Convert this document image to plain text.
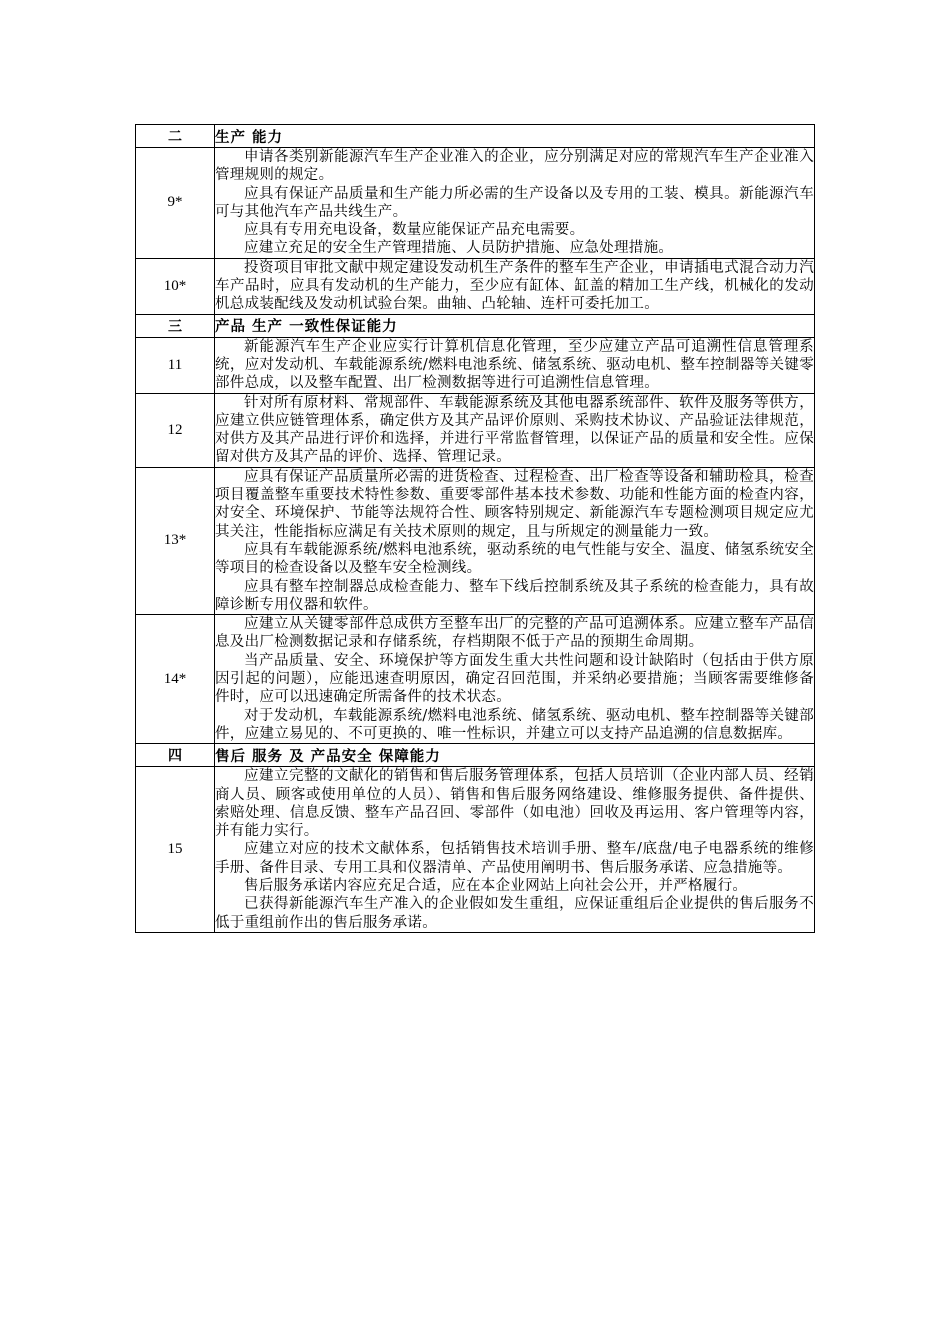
二	生产 能力
9*	申请各类别新能源汽车生产企业准入的企业，应分别满足对应的常规汽车生产企业准入管理规则的规定。

应具有保证产品质量和生产能力所必需的生产设备以及专用的工装、模具。新能源汽车可与其他汽车产品共线生产。

应具有专用充电设备，数量应能保证产品充电需要。

应建立充足的安全生产管理措施、人员防护措施、应急处理措施。

10*	投资项目审批文献中规定建设发动机生产条件的整车生产企业，申请插电式混合动力汽车产品时，应具有发动机的生产能力，至少应有缸体、缸盖的精加工生产线，机械化的发动机总成装配线及发动机试验台架。曲轴、凸轮轴、连杆可委托加工。

三	产品 生产 一致性保证能力
11	新能源汽车生产企业应实行计算机信息化管理，至少应建立产品可追溯性信息管理系统，应对发动机、车载能源系统/燃料电池系统、储氢系统、驱动电机、整车控制器等关键零部件总成，以及整车配置、出厂检测数据等进行可追溯性信息管理。

12	针对所有原材料、常规部件、车载能源系统及其他电器系统部件、软件及服务等供方，应建立供应链管理体系，确定供方及其产品评价原则、采购技术协议、产品验证法律规范，对供方及其产品进行评价和选择，并进行平常监督管理，以保证产品的质量和安全性。应保留对供方及其产品的评价、选择、管理记录。

13*	应具有保证产品质量所必需的进货检查、过程检查、出厂检查等设备和辅助检具，检查项目覆盖整车重要技术特性参数、重要零部件基本技术参数、功能和性能方面的检查内容，对安全、环境保护、节能等法规符合性、顾客特别规定、新能源汽车专题检测项目规定应尤其关注，性能指标应满足有关技术原则的规定，且与所规定的测量能力一致。

应具有车载能源系统/燃料电池系统，驱动系统的电气性能与安全、温度、储氢系统安全等项目的检查设备以及整车安全检测线。

应具有整车控制器总成检查能力、整车下线后控制系统及其子系统的检查能力，具有故障诊断专用仪器和软件。

14*	应建立从关键零部件总成供方至整车出厂的完整的产品可追溯体系。应建立整车产品信息及出厂检测数据记录和存储系统，存档期限不低于产品的预期生命周期。

当产品质量、安全、环境保护等方面发生重大共性问题和设计缺陷时（包括由于供方原因引起的问题），应能迅速查明原因，确定召回范围，并采纳必要措施；当顾客需要维修备件时，应可以迅速确定所需备件的技术状态。

对于发动机，车载能源系统/燃料电池系统、储氢系统、驱动电机、整车控制器等关键部件，应建立易见的、不可更换的、唯一性标识，并建立可以支持产品追溯的信息数据库。

四	售后 服务 及 产品安全 保障能力
15	应建立完整的文献化的销售和售后服务管理体系，包括人员培训（企业内部人员、经销商人员、顾客或使用单位的人员）、销售和售后服务网络建设、维修服务提供、备件提供、索赔处理、信息反馈、整车产品召回、零部件（如电池）回收及再运用、客户管理等内容，并有能力实行。

应建立对应的技术文献体系，包括销售技术培训手册、整车/底盘/电子电器系统的维修手册、备件目录、专用工具和仪器清单、产品使用阐明书、售后服务承诺、应急措施等。

售后服务承诺内容应充足合适，应在本企业网站上向社会公开，并严格履行。

已获得新能源汽车生产准入的企业假如发生重组，应保证重组后企业提供的售后服务不低于重组前作出的售后服务承诺。
